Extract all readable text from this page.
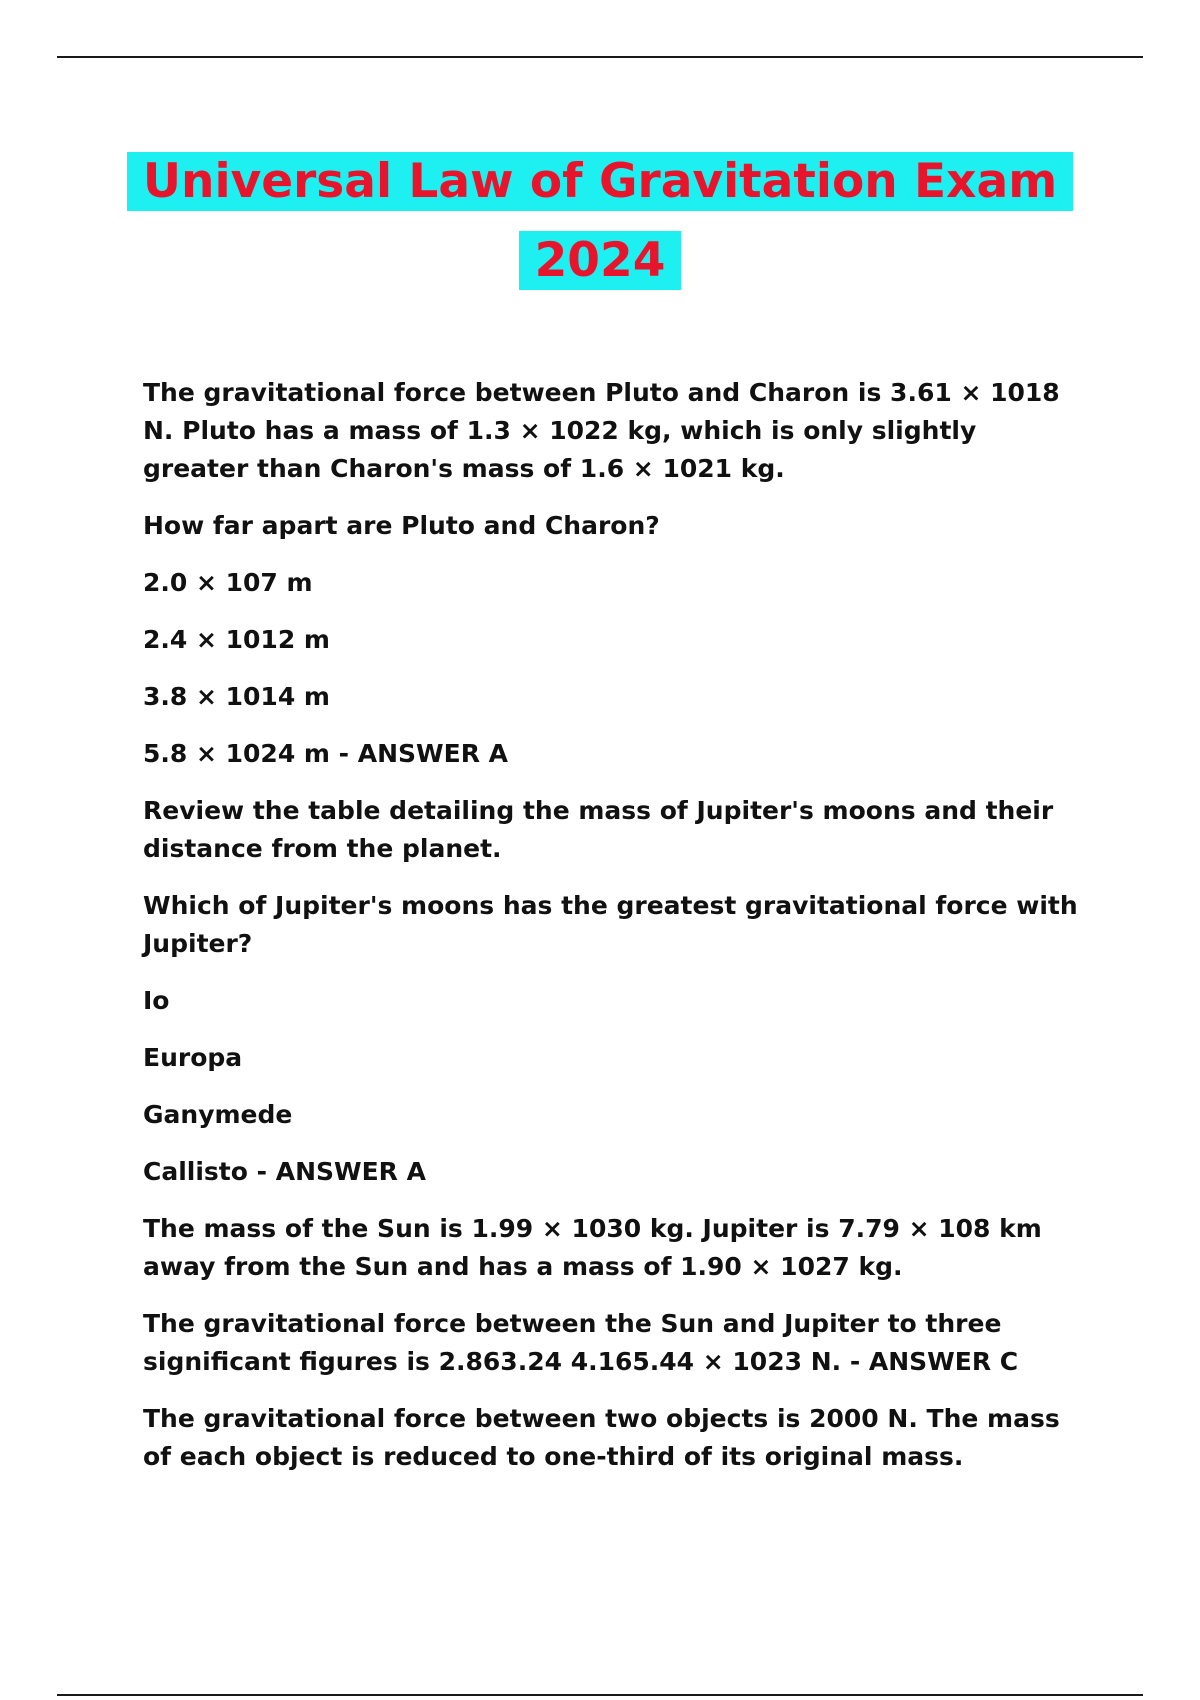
Universal Law of Gravitation Exam
2024

The gravitational force between Pluto and Charon is 3.61 × 1018 N. Pluto has a mass of 1.3 × 1022 kg, which is only slightly greater than Charon's mass of 1.6 × 1021 kg.

How far apart are Pluto and Charon?

2.0 × 107 m

2.4 × 1012 m

3.8 × 1014 m

5.8 × 1024 m - ANSWER A

Review the table detailing the mass of Jupiter's moons and their distance from the planet.

Which of Jupiter's moons has the greatest gravitational force with Jupiter?

Io

Europa

Ganymede

Callisto - ANSWER A

The mass of the Sun is 1.99 × 1030 kg. Jupiter is 7.79 × 108 km away from the Sun and has a mass of 1.90 × 1027 kg.

The gravitational force between the Sun and Jupiter to three significant figures is 2.863.24 4.165.44 × 1023 N. - ANSWER C

The gravitational force between two objects is 2000 N. The mass of each object is reduced to one-third of its original mass.
